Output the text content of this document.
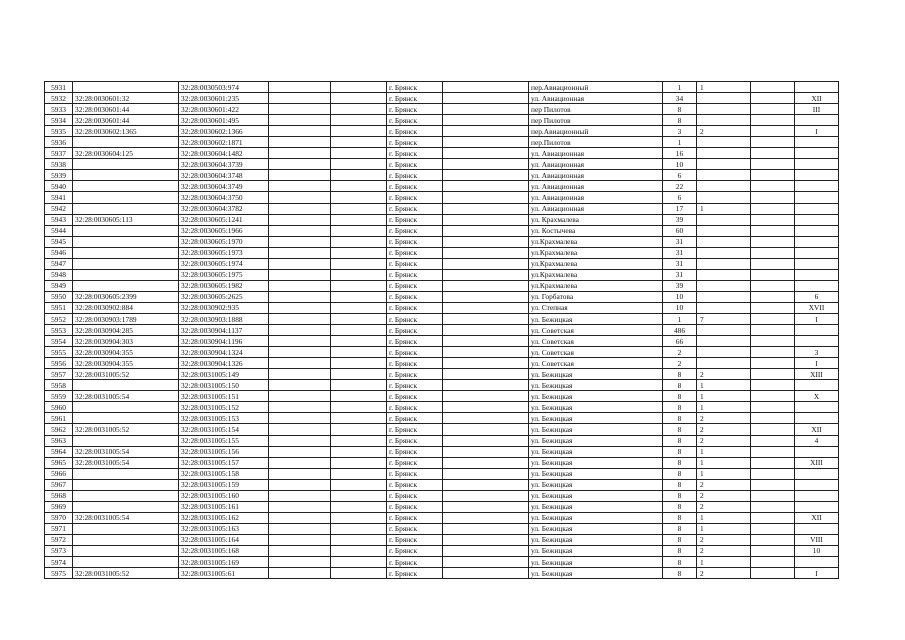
5931		32:28:0030503:974			г. Брянск		пер.Авиационный	1	1		
5932	32:28:0030601:32	32:28:0030601:235			г. Брянск		ул. Авиационная	34			XII
5933	32:28:0030601:44	32:28:0030601:422			г. Брянск		пер Пилотов	8			III
5934	32:28:0030601:44	32:28:0030601:495			г. Брянск		пер Пилотов	8			
5935	32:28:0030602:1365	32:28:0030602:1366			г. Брянск		пер.Авиационный	3	2		I
5936		32:28:0030602:1871			г. Брянск		пер.Пилотов	1			
5937	32:28:0030604:125	32:28:0030604:1482			г. Брянск		ул. Авиационная	16			
5938		32:28:0030604:3739			г. Брянск		ул. Авиационная	10			
5939		32:28:0030604:3748			г. Брянск		ул. Авиационная	6			
5940		32:28:0030604:3749			г. Брянск		ул. Авиационная	22			
5941		32:28:0030604:3750			г. Брянск		ул. Авиационная	6			
5942		32:28:0030604:3782			г. Брянск		ул. Авиационная	17	1		
5943	32:28:0030605:113	32:28:0030605:1241			г. Брянск		ул. Крахмалева	39			
5944		32:28:0030605:1966			г. Брянск		ул. Костычева	60			
5945		32:28:0030605:1970			г. Брянск		ул.Крахмалева	31			
5946		32:28:0030605:1973			г. Брянск		ул.Крахмалева	31			
5947		32:28:0030605:1974			г. Брянск		ул.Крахмалева	31			
5948		32:28:0030605:1975			г. Брянск		ул.Крахмалева	31			
5949		32:28:0030605:1982			г. Брянск		ул.Крахмалева	39			
5950	32:28:0030605:2399	32:28:0030605:2625			г. Брянск		ул. Горбатова	10			6
5951	32:28:0030902:884	32:28:0030902:935			г. Брянск		ул. Степная	10			XVII
5952	32:28:0030903:1789	32:28:0030903:1888			г. Брянск		ул. Бежицкая	1	7		I
5953	32:28:0030904:285	32:28:0030904:1137			г. Брянск		ул. Советская	486			
5954	32:28:0030904:303	32:28:0030904:1196			г. Брянск		ул. Советская	66			
5955	32:28:0030904:355	32:28:0030904:1324			г. Брянск		ул. Советская	2			3
5956	32:28:0030904:355	32:28:0030904:1326			г. Брянск		ул. Советская	2			I
5957	32:28:0031005:52	32:28:0031005:149			г. Брянск		ул. Бежицкая	8	2		XIII
5958		32:28:0031005:150			г. Брянск		ул. Бежицкая	8	1		
5959	32:28:0031005:54	32:28:0031005:151			г. Брянск		ул. Бежицкая	8	1		X
5960		32:28:0031005:152			г. Брянск		ул. Бежицкая	8	1		
5961		32:28:0031005:153			г. Брянск		ул. Бежицкая	8	2		
5962	32:28:0031005:52	32:28:0031005:154			г. Брянск		ул. Бежицкая	8	2		XII
5963		32:28:0031005:155			г. Брянск		ул. Бежицкая	8	2		4
5964	32:28:0031005:54	32:28:0031005:156			г. Брянск		ул. Бежицкая	8	1		
5965	32:28:0031005:54	32:28:0031005:157			г. Брянск		ул. Бежицкая	8	1		XIII
5966		32:28:0031005:158			г. Брянск		ул. Бежицкая	8	1		
5967		32:28:0031005:159			г. Брянск		ул. Бежицкая	8	2		
5968		32:28:0031005:160			г. Брянск		ул. Бежицкая	8	2		
5969		32:28:0031005:161			г. Брянск		ул. Бежицкая	8	2		
5970	32:28:0031005:54	32:28:0031005:162			г. Брянск		ул. Бежицкая	8	1		XII
5971		32:28:0031005:163			г. Брянск		ул. Бежицкая	8	1		
5972		32:28:0031005:164			г. Брянск		ул. Бежицкая	8	2		VIII
5973		32:28:0031005:168			г. Брянск		ул. Бежицкая	8	2		10
5974		32:28:0031005:169			г. Брянск		ул. Бежицкая	8	1		
5975	32:28:0031005:52	32:28:0031005:61			г. Брянск		ул. Бежицкая	8	2		I
